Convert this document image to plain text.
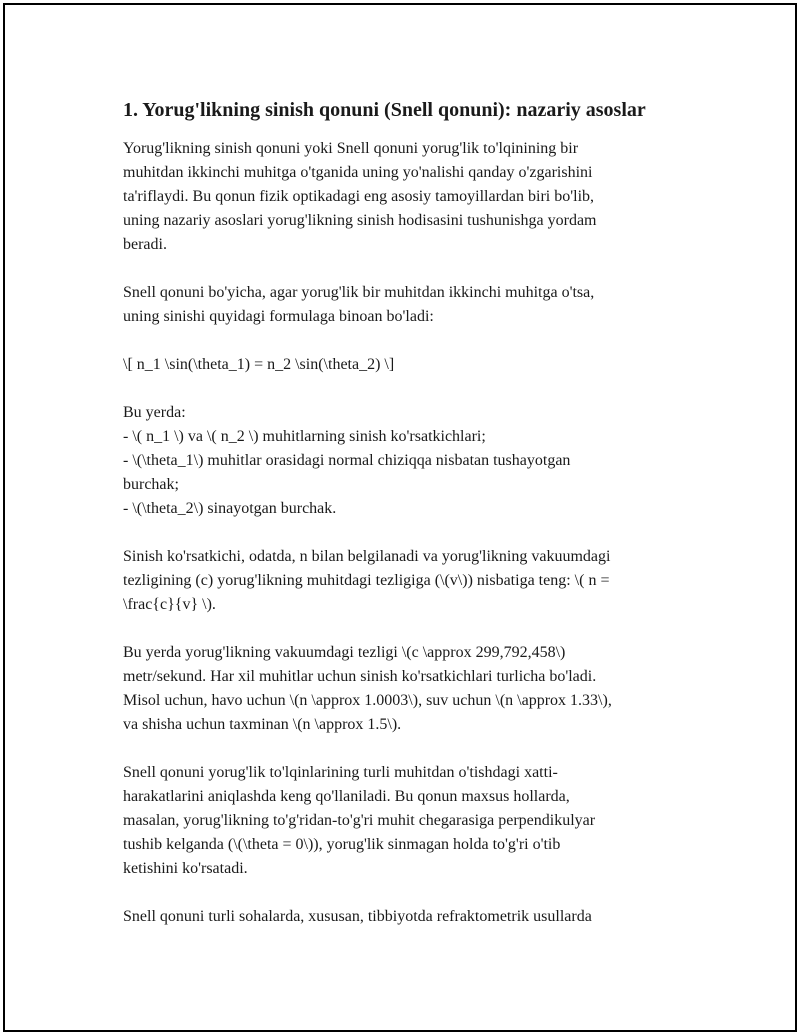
1. Yorug'likning sinish qonuni (Snell qonuni): nazariy asoslar

Yorug'likning sinish qonuni yoki Snell qonuni yorug'lik to'lqinining bir
muhitdan ikkinchi muhitga o'tganida uning yo'nalishi qanday o'zgarishini
ta'riflaydi. Bu qonun fizik optikadagi eng asosiy tamoyillardan biri bo'lib,
uning nazariy asoslari yorug'likning sinish hodisasini tushunishga yordam
beradi.

Snell qonuni bo'yicha, agar yorug'lik bir muhitdan ikkinchi muhitga o'tsa,
uning sinishi quyidagi formulaga binoan bo'ladi:

\[ n_1 \sin(\theta_1) = n_2 \sin(\theta_2) \]

Bu yerda:
- \( n_1 \) va \( n_2 \) muhitlarning sinish ko'rsatkichlari;
- \(\theta_1\) muhitlar orasidagi normal chiziqqa nisbatan tushayotgan
burchak;
- \(\theta_2\) sinayotgan burchak.

Sinish ko'rsatkichi, odatda, n bilan belgilanadi va yorug'likning vakuumdagi
tezligining (c) yorug'likning muhitdagi tezligiga (\(v\)) nisbatiga teng: \( n =
\frac{c}{v} \).

Bu yerda yorug'likning vakuumdagi tezligi \(c \approx 299,792,458\)
metr/sekund. Har xil muhitlar uchun sinish ko'rsatkichlari turlicha bo'ladi.
Misol uchun, havo uchun \(n \approx 1.0003\), suv uchun \(n \approx 1.33\),
va shisha uchun taxminan \(n \approx 1.5\).

Snell qonuni yorug'lik to'lqinlarining turli muhitdan o'tishdagi xatti-
harakatlarini aniqlashda keng qo'llaniladi. Bu qonun maxsus hollarda,
masalan, yorug'likning to'g'ridan-to'g'ri muhit chegarasiga perpendikulyar
tushib kelganda (\(\theta = 0\)), yorug'lik sinmagan holda to'g'ri o'tib
ketishini ko'rsatadi.

Snell qonuni turli sohalarda, xususan, tibbiyotda refraktometrik usullarda
